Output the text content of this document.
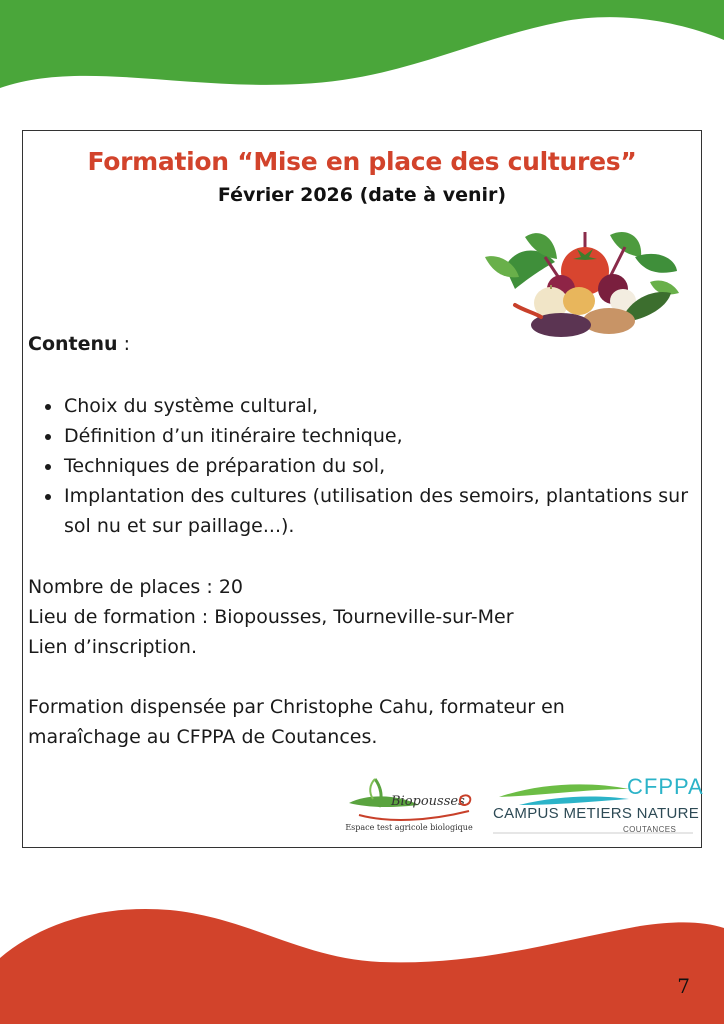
Formation “Mise en place des cultures”
Février 2026 (date à venir)
Contenu :
Choix du système cultural,
Définition d’un itinéraire technique,
Techniques de préparation du sol,
Implantation des cultures (utilisation des semoirs, plantations sur sol nu et sur paillage...).
Nombre de places : 20
Lieu de formation : Biopousses, Tourneville-sur-Mer
Lien d’inscription.
Formation dispensée par Christophe Cahu, formateur en maraîchage au CFPPA de Coutances.
Biopousses
Espace test agricole biologique
CFPPA
CAMPUS METIERS NATURE
COUTANCES
7
